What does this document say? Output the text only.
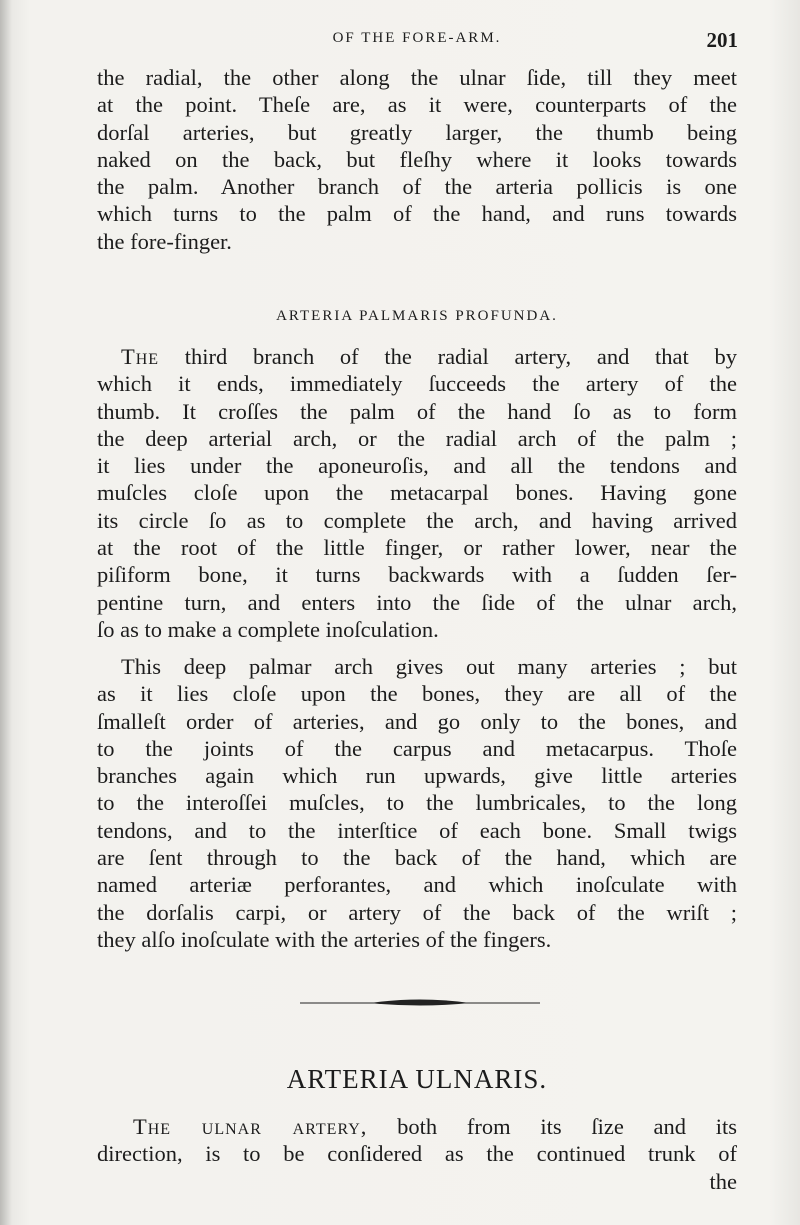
OF THE FORE-ARM.	201
the radial, the other along the ulnar ſide, till they meet
at the point. Theſe are, as it were, counterparts of the
dorſal arteries, but greatly larger, the thumb being
naked on the back, but fleſhy where it looks towards
the palm. Another branch of the arteria pollicis is one
which turns to the palm of the hand, and runs towards
the fore-finger.
ARTERIA PALMARIS PROFUNDA.
The third branch of the radial artery, and that by
which it ends, immediately ſucceeds the artery of the
thumb. It croſſes the palm of the hand ſo as to form
the deep arterial arch, or the radial arch of the palm ;
it lies under the aponeuroſis, and all the tendons and
muſcles cloſe upon the metacarpal bones. Having gone
its circle ſo as to complete the arch, and having arrived
at the root of the little finger, or rather lower, near the
piſiform bone, it turns backwards with a ſudden ſer-
pentine turn, and enters into the ſide of the ulnar arch,
ſo as to make a complete inoſculation.
This deep palmar arch gives out many arteries ; but
as it lies cloſe upon the bones, they are all of the
ſmalleſt order of arteries, and go only to the bones, and
to the joints of the carpus and metacarpus. Thoſe
branches again which run upwards, give little arteries
to the interoſſei muſcles, to the lumbricales, to the long
tendons, and to the interſtice of each bone. Small twigs
are ſent through to the back of the hand, which are
named arteriæ perforantes, and which inoſculate with
the dorſalis carpi, or artery of the back of the wriſt ;
they alſo inoſculate with the arteries of the fingers.
ARTERIA ULNARIS.
The ulnar artery, both from its ſize and its
direction, is to be conſidered as the continued trunk of
the
